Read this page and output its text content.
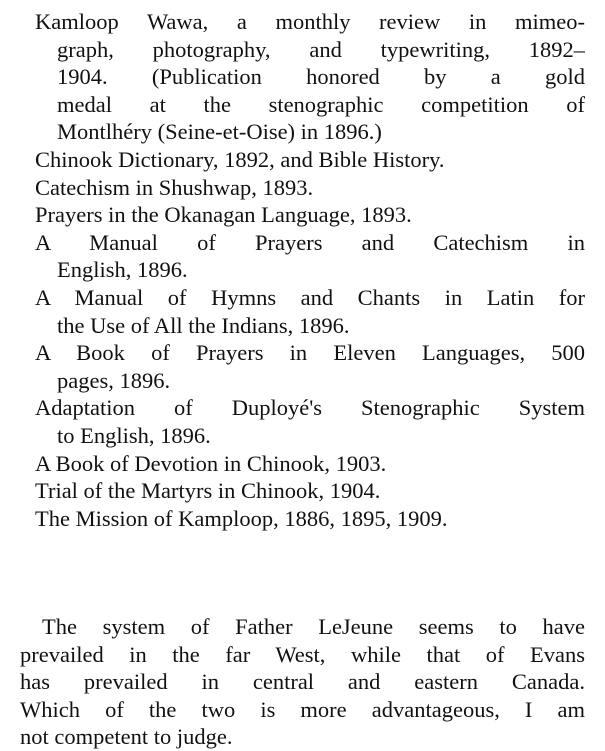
Kamloop Wawa, a monthly review in mimeo-
graph, photography, and typewriting, 1892–
1904. (Publication honored by a gold
medal at the stenographic competition of
Montlhéry (Seine-et-Oise) in 1896.)
Chinook Dictionary, 1892, and Bible History.
Catechism in Shushwap, 1893.
Prayers in the Okanagan Language, 1893.
A Manual of Prayers and Catechism in
English, 1896.
A Manual of Hymns and Chants in Latin for
the Use of All the Indians, 1896.
A Book of Prayers in Eleven Languages, 500
pages, 1896.
Adaptation of Duployé's Stenographic System
to English, 1896.
A Book of Devotion in Chinook, 1903.
Trial of the Martyrs in Chinook, 1904.
The Mission of Kamploop, 1886, 1895, 1909.
The system of Father LeJeune seems to have
prevailed in the far West, while that of Evans
has prevailed in central and eastern Canada.
Which of the two is more advantageous, I am
not competent to judge.
